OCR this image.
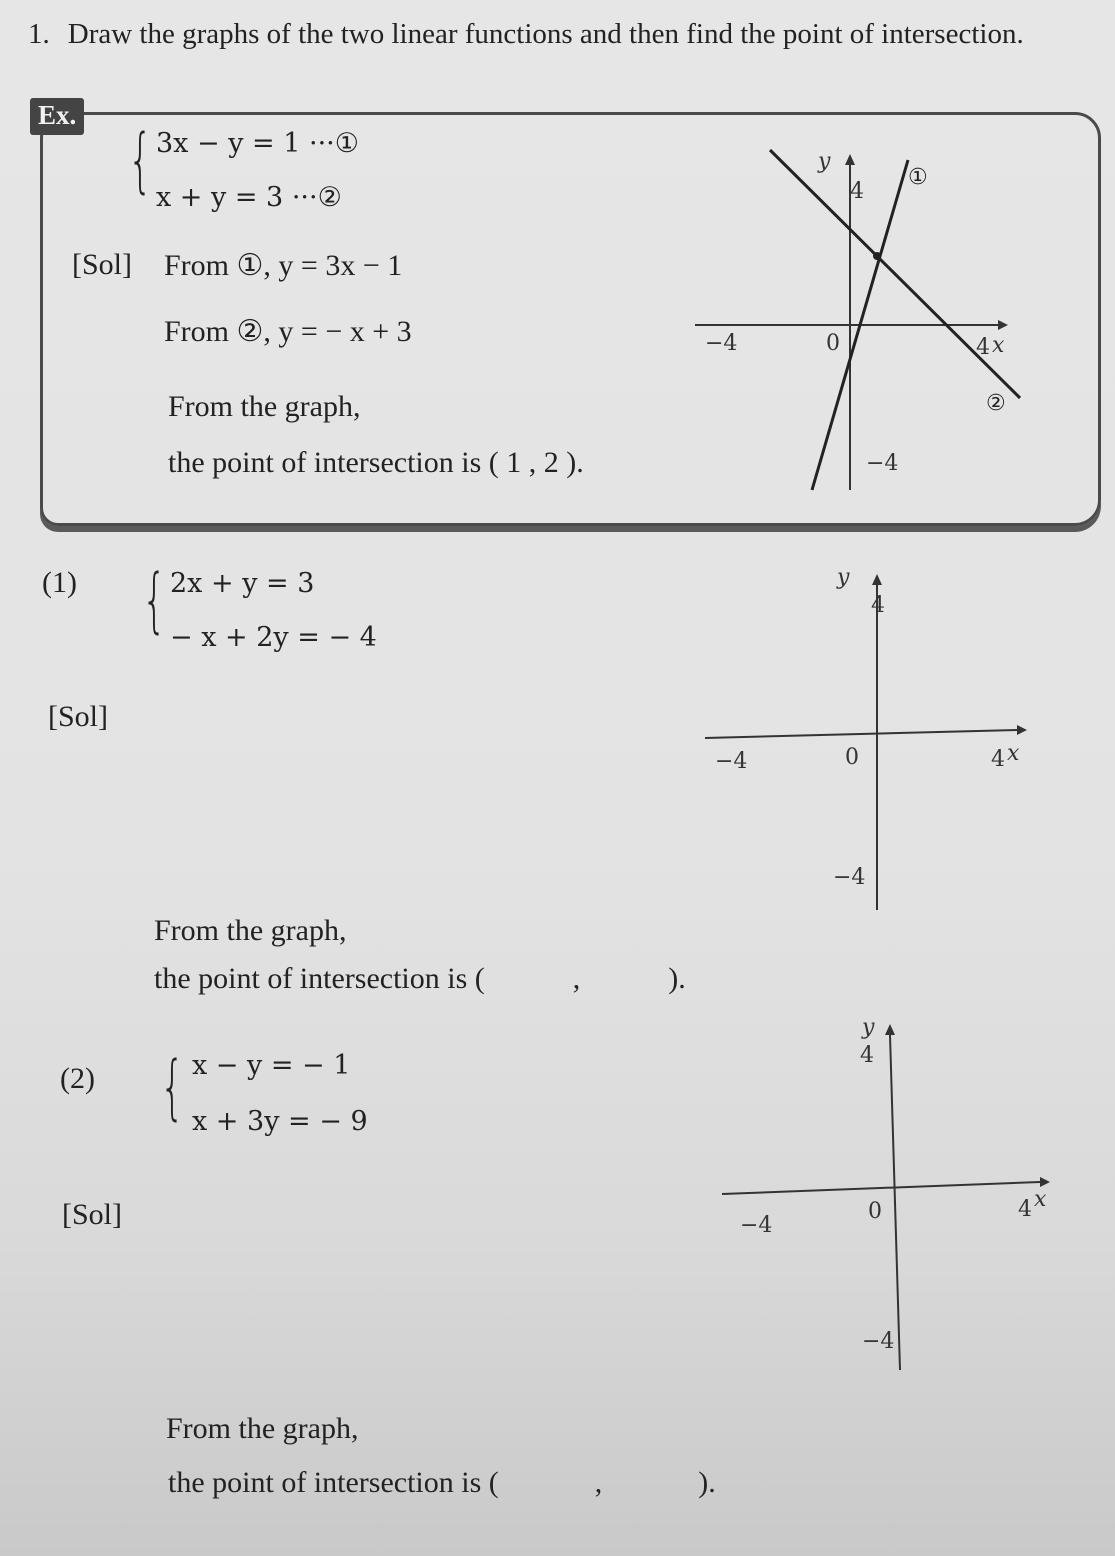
1. Draw the graphs of the two linear functions and then find the point of intersection.
Ex.
{ 3x − y = 1 ···①
x + y = 3 ···②
[Sol] From ①, y = 3x − 1
From ②, y = − x + 3
From the graph,
the point of intersection is ( 1 , 2 ).
y
4
−4	0	4 x
−4
①
②
(1) { 2x + y = 3
− x + 2y = − 4
[Sol]
From the graph,
the point of intersection is (	,	).
y
4
−4	0	4 x
−4
(2) { x − y = − 1
x + 3y = − 9
[Sol]
From the graph,
the point of intersection is (	,	).
y
4
−4
0	4 x
−4
